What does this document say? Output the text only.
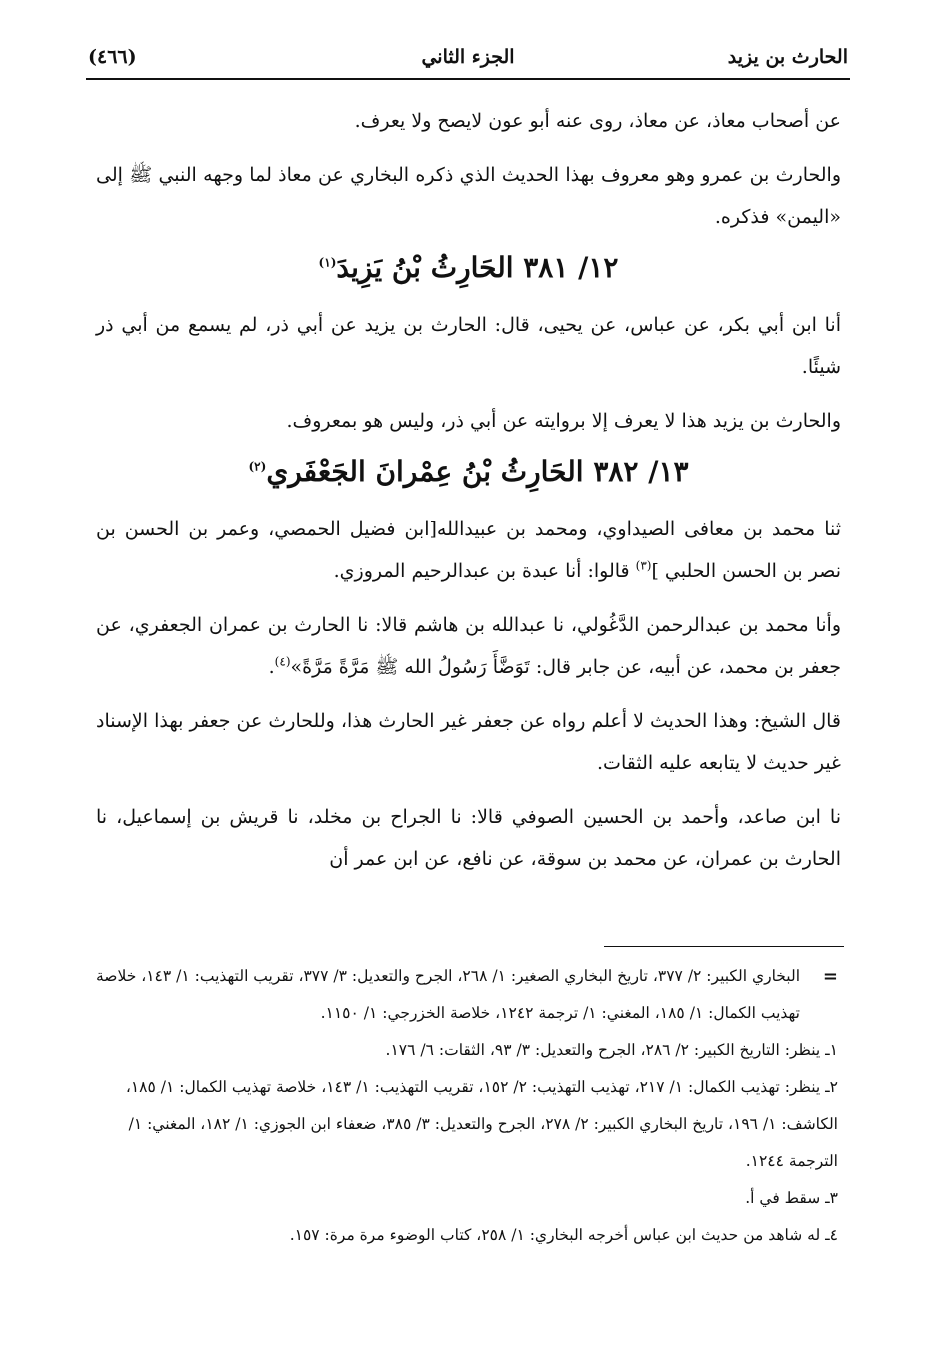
الحارث بن يزيد
الجزء الثاني
(٤٦٦)

عن أصحاب معاذ، عن معاذ، روى عنه أبو عون لايصح ولا يعرف.

والحارث بن عمرو وهو معروف بهذا الحديث الذي ذكره البخاري عن معاذ لما وجهه النبي ﷺ إلى «اليمن» فذكره.

١٢/ ٣٨١ الحَارِثُ بْنُ يَزِيدَ$^{(١)}$

أنا ابن أبي بكر، عن عباس، عن يحيى، قال: الحارث بن يزيد عن أبي ذر، لم يسمع من أبي ذر شيئًا.

والحارث بن يزيد هذا لا يعرف إلا بروايته عن أبي ذر، وليس هو بمعروف.

١٣/ ٣٨٢ الحَارِثُ بْنُ عِمْرانَ الجَعْفَري$^{(٢)}$

ثنا محمد بن معافى الصيداوي، ومحمد بن عبيدالله[ابن فضيل الحمصي، وعمر بن الحسن بن نصر بن الحسن الحلبي ]$^{(٣)}$ قالوا: أنا عبدة بن عبدالرحيم المروزي.

وأنا محمد بن عبدالرحمن الدَّغُولي، نا عبدالله بن هاشم قالا: نا الحارث بن عمران الجعفري، عن جعفر بن محمد، عن أبيه، عن جابر قال: تَوَضَّأَ رَسُولُ الله ﷺ مَرَّةً مَرَّةً»$^{(٤)}$.

قال الشيخ: وهذا الحديث لا أعلم رواه عن جعفر غير الحارث هذا، وللحارث عن جعفر بهذا الإسناد غير حديث لا يتابعه عليه الثقات.

نا ابن صاعد، وأحمد بن الحسين الصوفي قالا: نا الجراح بن مخلد، نا قريش بن إسماعيل، نا الحارث بن عمران، عن محمد بن سوقة، عن نافع، عن ابن عمر أن

=
البخاري الكبير: ٢/ ٣٧٧، تاريخ البخاري الصغير: ١/ ٢٦٨، الجرح والتعديل: ٣/ ٣٧٧، تقريب التهذيب: ١/ ١٤٣، خلاصة تهذيب الكمال: ١/ ١٨٥، المغني: ١/ ترجمة ١٢٤٢، خلاصة الخزرجي: ١/ ١١٥٠.

١ـ ينظر: التاريخ الكبير: ٢/ ٢٨٦، الجرح والتعديل: ٣/ ٩٣، الثقات: ٦/ ١٧٦.

٢ـ ينظر: تهذيب الكمال: ١/ ٢١٧، تهذيب التهذيب: ٢/ ١٥٢، تقريب التهذيب: ١/ ١٤٣، خلاصة تهذيب الكمال: ١/ ١٨٥، الكاشف: ١/ ١٩٦، تاريخ البخاري الكبير: ٢/ ٢٧٨، الجرح والتعديل: ٣/ ٣٨٥، ضعفاء ابن الجوزي: ١/ ١٨٢، المغني: ١/ الترجمة ١٢٤٤.

٣ـ سقط في أ.

٤ـ له شاهد من حديث ابن عباس أخرجه البخاري: ١/ ٢٥٨، كتاب الوضوء مرة مرة: ١٥٧.
